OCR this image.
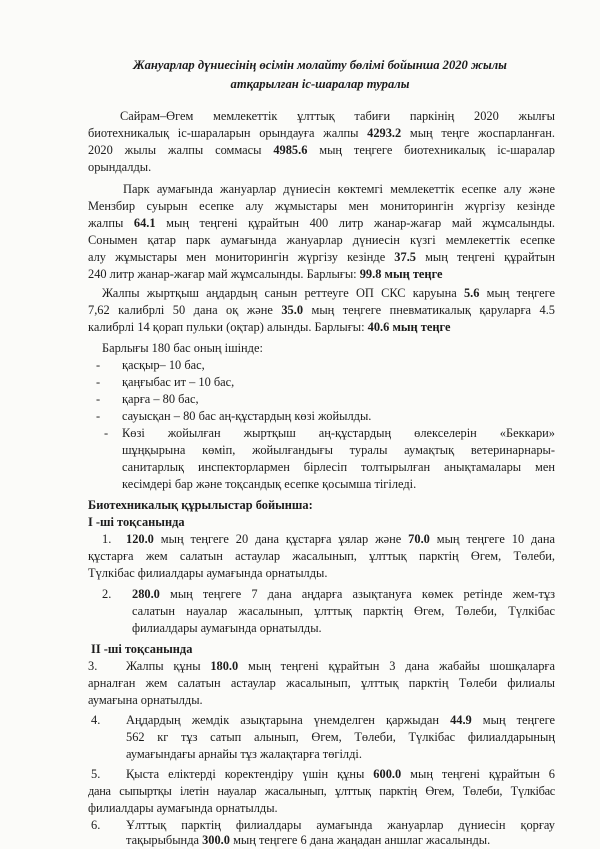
Жануарлар дүниесінің өсімін молайту бөлімі бойынша 2020 жылы
атқарылған іс-шаралар туралы
Сайрам–Өгем мемлекеттік ұлттық табиғи паркінің 2020 жылғы
биотехникалық іс-шараларын орындауға жалпы 4293.2 мың теңге жоспарланған.
2020 жылы жалпы соммасы 4985.6 мың теңгеге биотехникалық іс-шаралар
орындалды.
Парк аумағында жануарлар дүниесін көктемгі мемлекеттік есепке алу және
Мензбир суырын есепке алу жұмыстары мен мониторингін жүргізу кезінде
жалпы 64.1 мың теңгені құрайтын 400 литр жанар-жағар май жұмсалынды.
Сонымен қатар парк аумағында жануарлар дүниесін күзгі мемлекеттік есепке
алу жұмыстары мен мониторингін жүргізу кезінде 37.5 мың теңгені құрайтын
240 литр жанар-жағар май жұмсалынды. Барлығы: 99.8 мың теңге
Жалпы жыртқыш аңдардың санын реттеуге ОП СКС каруына 5.6 мың теңгеге
7,62 калибрлі 50 дана оқ және 35.0 мың теңгеге пневматикалық қаруларға 4.5
калибрлі 14 қорап пульки (оқтар) алынды. Барлығы: 40.6 мың теңге
Барлығы 180 бас оның ішінде:
- қасқыр– 10 бас,
- қаңғыбас ит – 10 бас,
- қарға – 80 бас,
- сауысқан – 80 бас аң-құстардың көзі жойылды.
- Көзі жойылған жыртқыш аң-құстардың өлекселерін «Беккари»
шұңқырына көміп, жойылғандығы туралы аумақтық ветеринарнары-
санитарлық инспекторлармен бірлесіп толтырылған анықтамалары мен
кесімдері бар және тоқсандық есепке қосымша тігіледі.
Биотехникалық құрылыстар бойынша:
І -ші тоқсанында
1. 120.0 мың теңгеге 20 дана құстарға ұялар және 70.0 мың теңгеге 10 дана
құстарға жем салатын астаулар жасалынып, ұлттық парктің Өгем, Төлеби,
Түлкібас филиалдары аумағында орнатылды.
2. 280.0 мың теңгеге 7 дана аңдарға азықтануға көмек ретінде жем-тұз
салатын науалар жасалынып, ұлттық парктің Өгем, Төлеби, Түлкібас
филиалдары аумағында орнатылды.
ІІ -ші тоқсанында
3. Жалпы құны 180.0 мың теңгені құрайтын 3 дана жабайы шошқаларға
арналған жем салатын астаулар жасалынып, ұлттық парктің Төлеби филиалы
аумағына орнатылды.
4. Аңдардың жемдік азықтарына үнемделген қаржыдан 44.9 мың теңгеге
562 кг тұз сатып алынып, Өгем, Төлеби, Түлкібас филиалдарының
аумағындағы арнайы тұз жалақтарға төгілді.
5. Қыста еліктерді коректендіру үшін құны 600.0 мың теңгені құрайтын 6
дана сыпыртқы ілетін науалар жасалынып, ұлттық парктің Өгем, Төлеби, Түлкібас
филиалдары аумағында орнатылды.
6. Ұлттық парктің филиалдары аумағында жануарлар дүниесін қорғау
тақырыбында 300.0 мың теңгеге 6 дана жаңадан аншлаг жасалынды.
